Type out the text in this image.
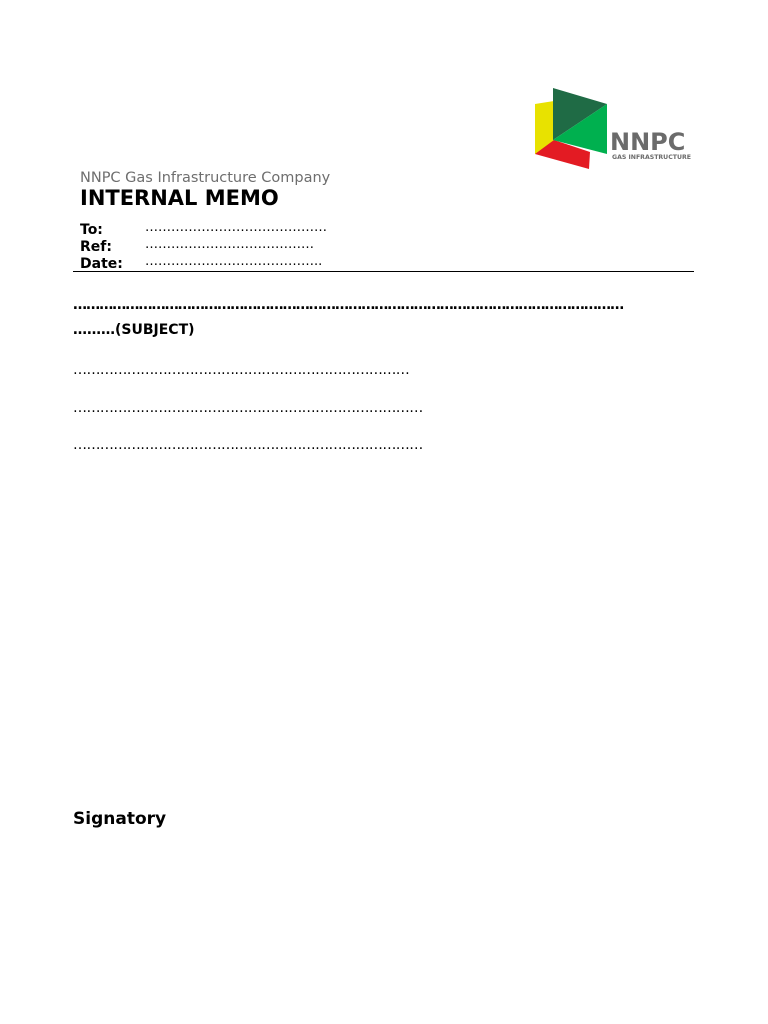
NNPC
GAS INFRASTRUCTURE
NNPC Gas Infrastructure Company
INTERNAL MEMO
To:	……………………………………
Ref:	…………………………………
Date: …………………………………..
………………………………………………………………………………………………………………
………(SUBJECT)
…………………………………………………………………
……………………………………………………………………
……………………………………………………………………
Signatory
